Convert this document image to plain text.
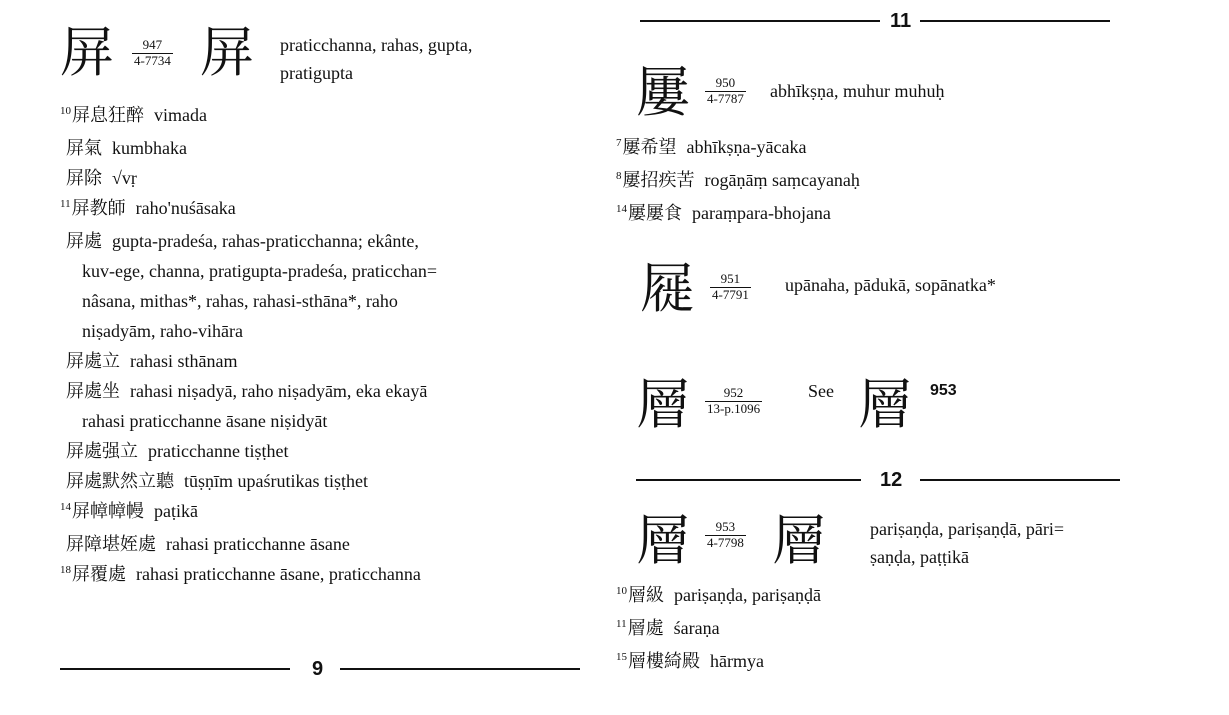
屏 $\frac{947}{4-7734}$ 屏 praticchanna, rahas, gupta,
pratigupta
$^{10}$屏息狂醉 vimada
屏氣 kumbhaka
屏除 √vṛ
$^{11}$屏教師 raho'nuśāsaka
屏處 gupta-pradeśa, rahas-praticchanna; ekânte,
kuv-ege, channa, pratigupta-pradeśa, praticchan=
nâsana, mithas*, rahas, rahasi-sthāna*, raho
niṣadyām, raho-vihāra
屏處立 rahasi sthānam
屏處坐 rahasi niṣadyā, raho niṣadyām, eka ekayā
rahasi praticchanne āsane niṣidyāt
屏處强立 praticchanne tiṣṭhet
屏處默然立聽 tūṣṇīm upaśrutikas tiṣṭhet
$^{14}$屏幛幛幔 paṭikā
屏障堪姪處 rahasi praticchanne āsane
$^{18}$屏覆處 rahasi praticchanne āsane, praticchanna
9
11
屢 $\frac{950}{4-7787}$ abhīkṣṇa, muhur muhuḥ
$^7$屢希望 abhīkṣṇa-yācaka
$^8$屢招疾苦 rogāṇāṃ saṃcayanaḥ
$^{14}$屢屢食 paraṃpara-bhojana
屣 $\frac{951}{4-7791}$ upānaha, pādukā, sopānatka*
層 $\frac{952}{13-p.1096}$	See 層 953
12
層 $\frac{953}{4-7798}$ 層 pariṣaṇḍa, pariṣaṇḍā, pāri=
ṣaṇḍa, paṭṭikā
$^{10}$層級 pariṣaṇḍa, pariṣaṇḍā
$^{11}$層處 śaraṇa
$^{15}$層樓綺殿 hārmya
